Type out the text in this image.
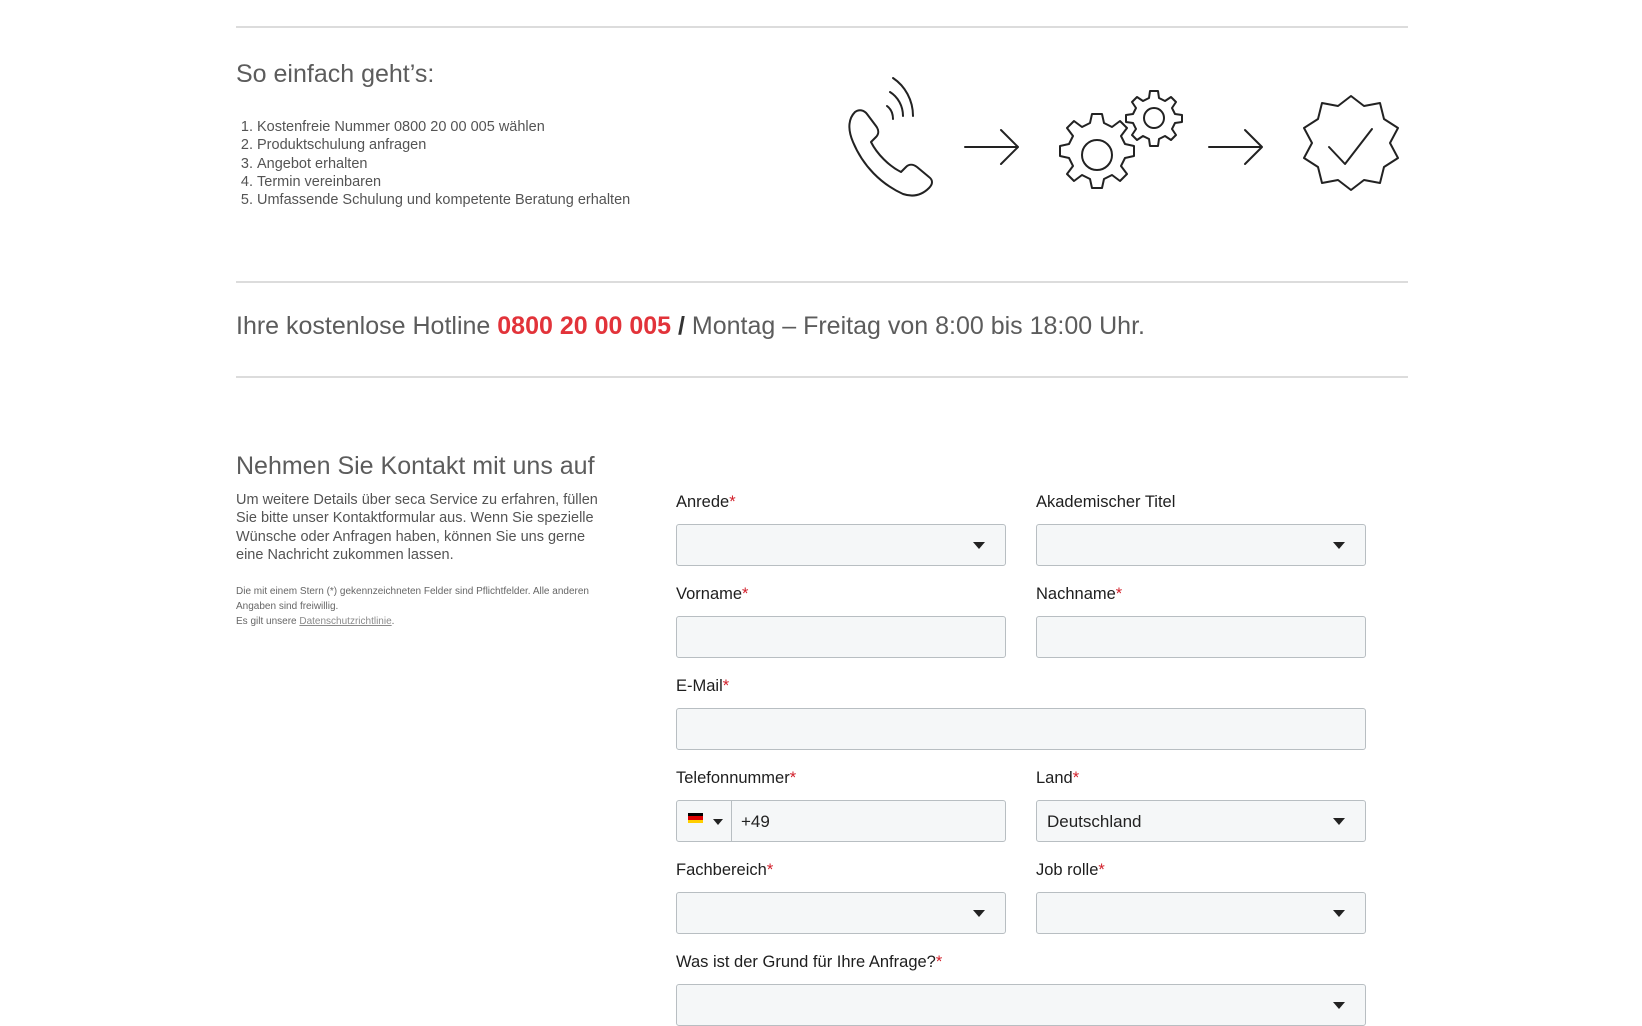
So einfach geht’s:
1. Kostenfreie Nummer 0800 20 00 005 wählen
2. Produktschulung anfragen
3. Angebot erhalten
4. Termin vereinbaren
5. Umfassende Schulung und kompetente Beratung erhalten
Ihre kostenlose Hotline 0800 20 00 005 / Montag – Freitag von 8:00 bis 18:00 Uhr.
Nehmen Sie Kontakt mit uns auf

Um weitere Details über seca Service zu erfahren, füllen Sie bitte unser Kontaktformular aus. Wenn Sie spezielle Wünsche oder Anfragen haben, können Sie uns gerne eine Nachricht zukommen lassen.

Die mit einem Stern (*) gekennzeichneten Felder sind Pflichtfelder. Alle anderen Angaben sind freiwillig.
Es gilt unsere Datenschutzrichtlinie.

Anrede*	Akademischer Titel
Vorname*	Nachname*
E-Mail*
Telefonnummer*
+49
Land*
Deutschland
Fachbereich*	Job rolle*
Was ist der Grund für Ihre Anfrage?*
